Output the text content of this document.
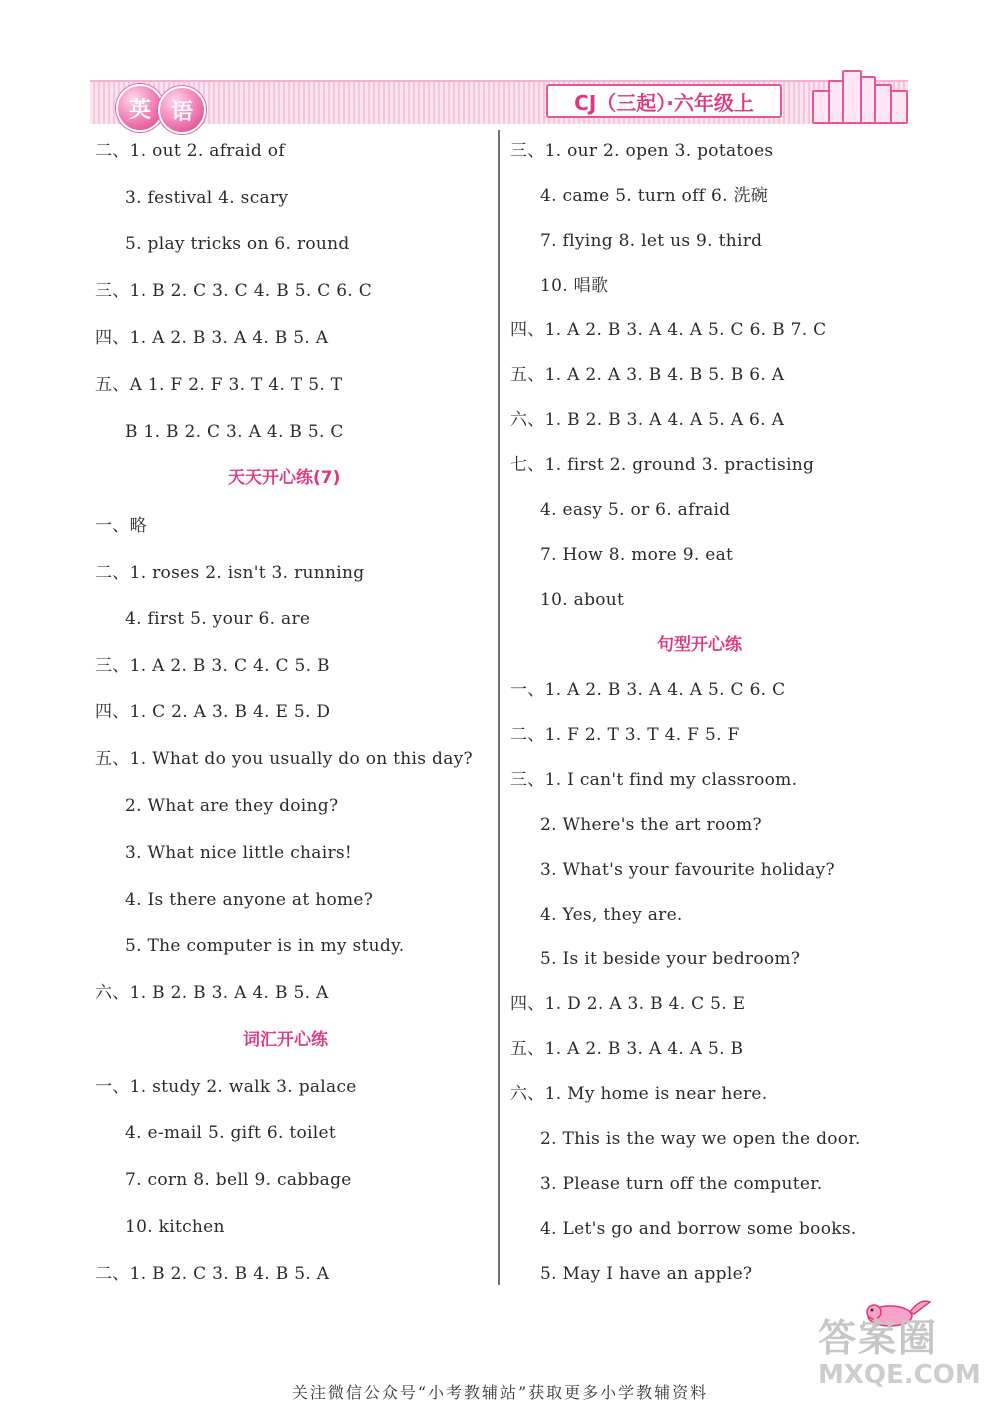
英 语	CJ（三起）·六年级上
二、1. out 2. afraid of
3. festival 4. scary
5. play tricks on 6. round
三、1. B 2. C 3. C 4. B 5. C 6. C
四、1. A 2. B 3. A 4. B 5. A
五、A 1. F 2. F 3. T 4. T 5. T
B 1. B 2. C 3. A 4. B 5. C
天天开心练(7)
一、略
二、1. roses 2. isn't 3. running
4. first 5. your 6. are
三、1. A 2. B 3. C 4. C 5. B
四、1. C 2. A 3. B 4. E 5. D
五、1. What do you usually do on this day?
2. What are they doing?
3. What nice little chairs!
4. Is there anyone at home?
5. The computer is in my study.
六、1. B 2. B 3. A 4. B 5. A
词汇开心练
一、1. study 2. walk 3. palace
4. e-mail 5. gift 6. toilet
7. corn 8. bell 9. cabbage
10. kitchen
二、1. B 2. C 3. B 4. B 5. A
三、1. our 2. open 3. potatoes
4. came 5. turn off 6. 洗碗
7. flying 8. let us 9. third
10. 唱歌
四、1. A 2. B 3. A 4. A 5. C 6. B 7. C
五、1. A 2. A 3. B 4. B 5. B 6. A
六、1. B 2. B 3. A 4. A 5. A 6. A
七、1. first 2. ground 3. practising
4. easy 5. or 6. afraid
7. How 8. more 9. eat
10. about
句型开心练
一、1. A 2. B 3. A 4. A 5. C 6. C
二、1. F 2. T 3. T 4. F 5. F
三、1. I can't find my classroom.
2. Where's the art room?
3. What's your favourite holiday?
4. Yes, they are.
5. Is it beside your bedroom?
四、1. D 2. A 3. B 4. C 5. E
五、1. A 2. B 3. A 4. A 5. B
六、1. My home is near here.
2. This is the way we open the door.
3. Please turn off the computer.
4. Let's go and borrow some books.
5. May I have an apple?
答案圈
MXQE.COM
关注微信公众号“小考教辅站”获取更多小学教辅资料
